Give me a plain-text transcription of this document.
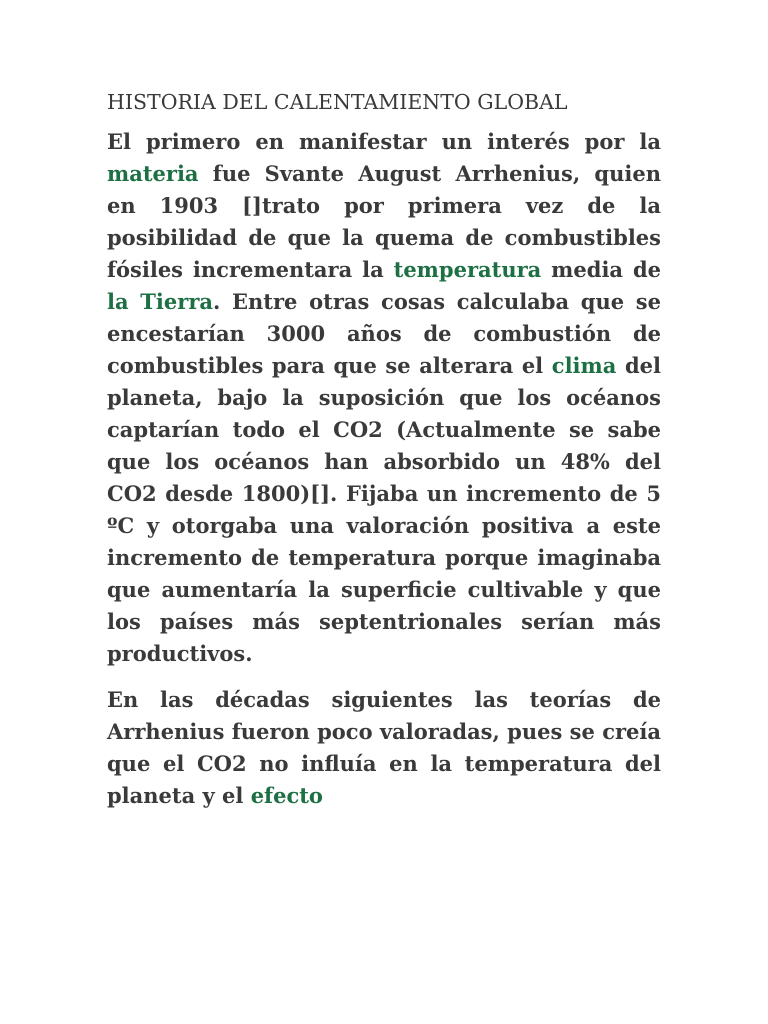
HISTORIA DEL CALENTAMIENTO GLOBAL
El primero en manifestar un interés por la materia fue Svante August Arrhenius, quien en 1903 []trato por primera vez de la posibilidad de que la quema de combustibles fósiles incrementara la temperatura media de la Tierra. Entre otras cosas calculaba que se encestarían 3000 años de combustión de combustibles para que se alterara el clima del planeta, bajo la suposición que los océanos captarían todo el CO2 (Actualmente se sabe que los océanos han absorbido un 48% del CO2 desde 1800)[]. Fijaba un incremento de 5 ºC y otorgaba una valoración positiva a este incremento de temperatura porque imaginaba que aumentaría la superficie cultivable y que los países más septentrionales serían más productivos.
En las décadas siguientes las teorías de Arrhenius fueron poco valoradas, pues se creía que el CO2 no influía en la temperatura del planeta y el efecto
